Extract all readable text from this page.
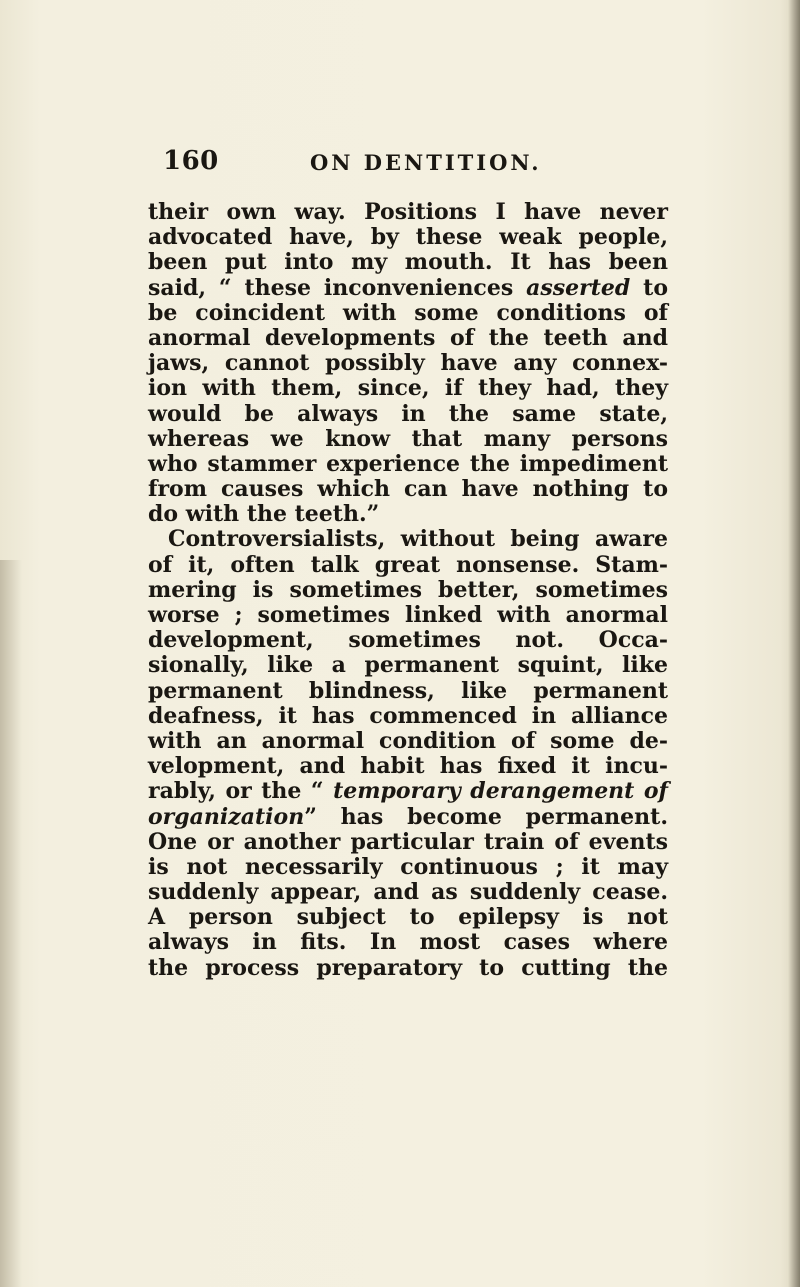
160	ON DENTITION.
their own way. Positions I have never
advocated have, by these weak people,
been put into my mouth. It has been
said, “ these inconveniences asserted to
be coincident with some conditions of
anormal developments of the teeth and
jaws, cannot possibly have any connex-
ion with them, since, if they had, they
would be always in the same state,
whereas we know that many persons
who stammer experience the impediment
from causes which can have nothing to
do with the teeth.”
Controversialists, without being aware
of it, often talk great nonsense. Stam-
mering is sometimes better, sometimes
worse ; sometimes linked with anormal
development, sometimes not. Occa-
sionally, like a permanent squint, like
permanent blindness, like permanent
deafness, it has commenced in alliance
with an anormal condition of some de-
velopment, and habit has fixed it incu-
rably, or the “ temporary derangement of
organization” has become permanent.
One or another particular train of events
is not necessarily continuous ; it may
suddenly appear, and as suddenly cease.
A person subject to epilepsy is not
always in fits. In most cases where
the process preparatory to cutting the
